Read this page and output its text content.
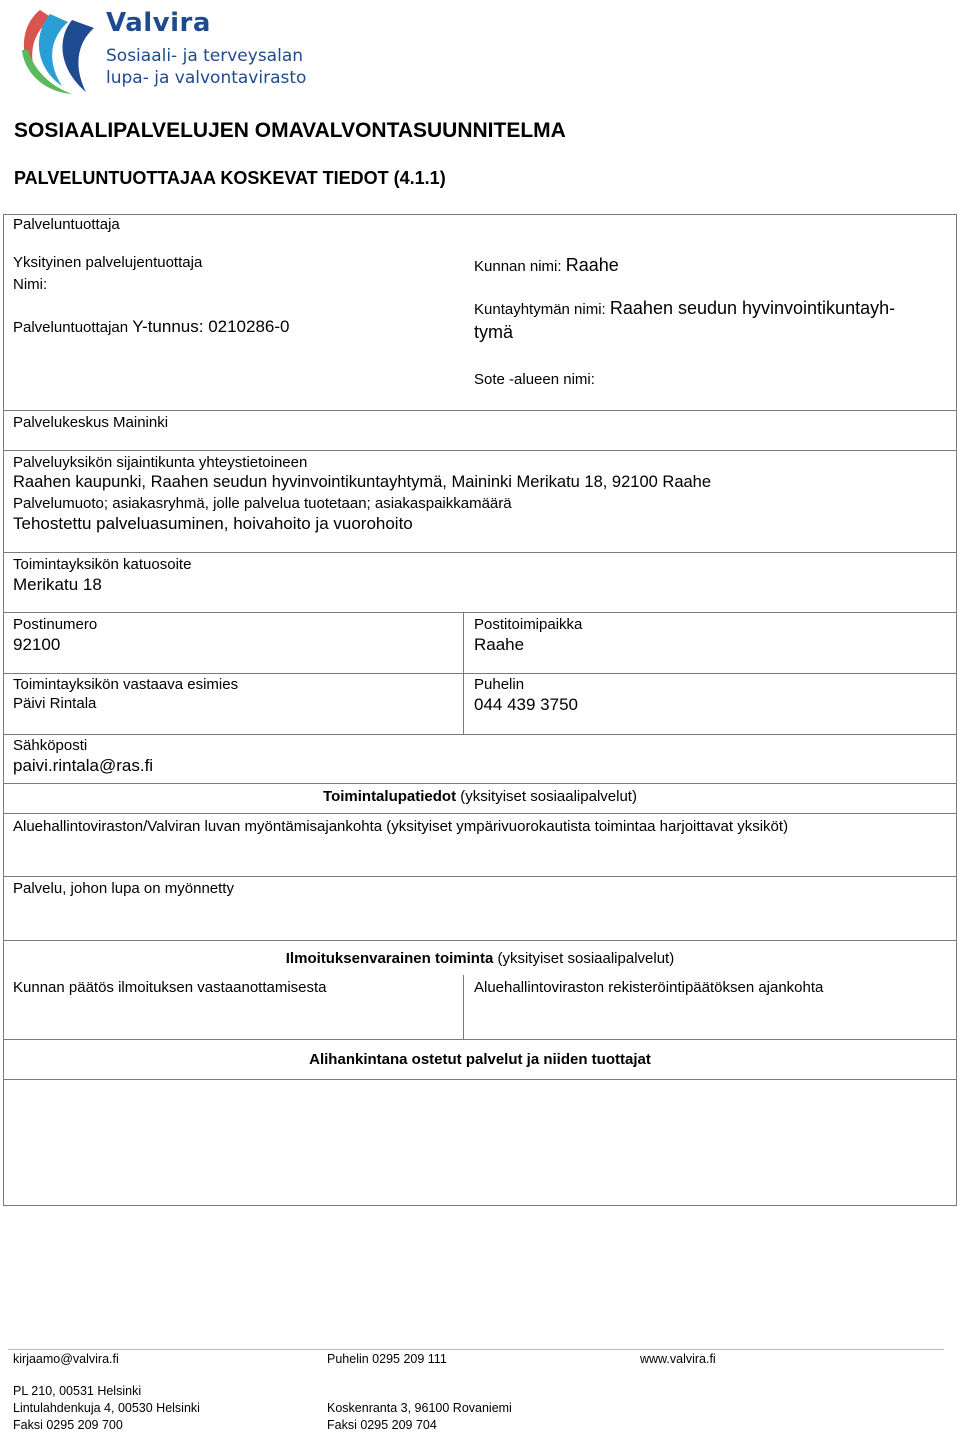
Valvira
Sosiaali- ja terveysalan
lupa- ja valvontavirasto
SOSIAALIPALVELUJEN OMAVALVONTASUUNNITELMA
PALVELUNTUOTTAJAA KOSKEVAT TIEDOT (4.1.1)
Palveluntuottaja
Yksityinen palvelujentuottaja
Nimi:
Palveluntuottajan Y-tunnus: 0210286-0
Kunnan nimi: Raahe
Kuntayhtymän nimi: Raahen seudun hyvinvointikuntayh-
tymä
Sote -alueen nimi:
Palvelukeskus Maininki
Palveluyksikön sijaintikunta yhteystietoineen
Raahen kaupunki, Raahen seudun hyvinvointikuntayhtymä, Maininki Merikatu 18, 92100 Raahe
Palvelumuoto; asiakasryhmä, jolle palvelua tuotetaan; asiakaspaikkamäärä
Tehostettu palveluasuminen, hoivahoito ja vuorohoito
Toimintayksikön katuosoite
Merikatu 18
Postinumero
92100
Postitoimipaikka
Raahe
Toimintayksikön vastaava esimies
Päivi Rintala
Puhelin
044 439 3750
Sähköposti
paivi.rintala@ras.fi
Toimintalupatiedot (yksityiset sosiaalipalvelut)
Aluehallintoviraston/Valviran luvan myöntämisajankohta (yksityiset ympärivuorokautista toimintaa harjoittavat yksiköt)
Palvelu, johon lupa on myönnetty
Ilmoituksenvarainen toiminta (yksityiset sosiaalipalvelut)
Kunnan päätös ilmoituksen vastaanottamisesta	Aluehallintoviraston rekisteröintipäätöksen ajankohta
Alihankintana ostetut palvelut ja niiden tuottajat
kirjaamo@valvira.fi	Puhelin 0295 209 111	www.valvira.fi
PL 210, 00531 Helsinki
Lintulahdenkuja 4, 00530 Helsinki
Faksi 0295 209 700
Koskenranta 3, 96100 Rovaniemi
Faksi 0295 209 704
